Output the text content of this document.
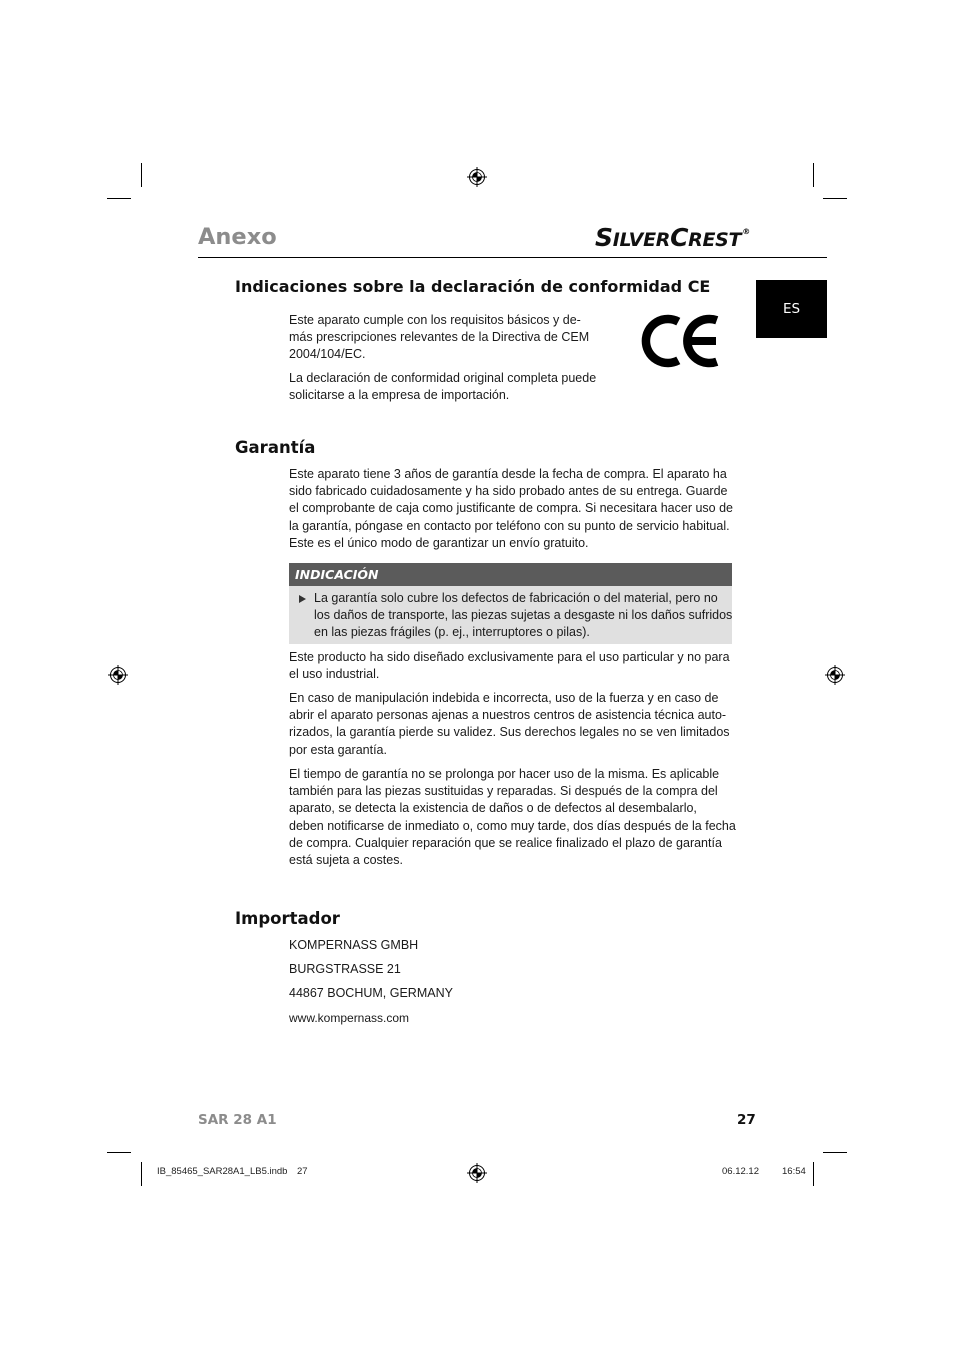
Anexo	SILVERCREST®
ES
Indicaciones sobre la declaración de conformidad CE
Este aparato cumple con los requisitos básicos y de-
más prescripciones relevantes de la Directiva de CEM
2004/104/EC.
La declaración de conformidad original completa puede
solicitarse a la empresa de importación.
Garantía
Este aparato tiene 3 años de garantía desde la fecha de compra. El aparato ha
sido fabricado cuidadosamente y ha sido probado antes de su entrega. Guarde
el comprobante de caja como justificante de compra. Si necesitara hacer uso de
la garantía, póngase en contacto por teléfono con su punto de servicio habitual.
Este es el único modo de garantizar un envío gratuito.
INDICACIÓN
La garantía solo cubre los defectos de fabricación o del material, pero no
los daños de transporte, las piezas sujetas a desgaste ni los daños sufridos
en las piezas frágiles (p. ej., interruptores o pilas).
Este producto ha sido diseñado exclusivamente para el uso particular y no para
el uso industrial.
En caso de manipulación indebida e incorrecta, uso de la fuerza y en caso de
abrir el aparato personas ajenas a nuestros centros de asistencia técnica auto-
rizados, la garantía pierde su validez. Sus derechos legales no se ven limitados
por esta garantía.
El tiempo de garantía no se prolonga por hacer uso de la misma. Es aplicable
también para las piezas sustituidas y reparadas. Si después de la compra del
aparato, se detecta la existencia de daños o de defectos al desembalarlo,
deben notificarse de inmediato o, como muy tarde, dos días después de la fecha
de compra. Cualquier reparación que se realice finalizado el plazo de garantía
está sujeta a costes.
Importador
KOMPERNASS GMBH
BURGSTRASSE 21
44867 BOCHUM, GERMANY
www.kompernass.com
SAR 28 A1	27
IB_85465_SAR28A1_LB5.indb 27	06.12.12 16:54
